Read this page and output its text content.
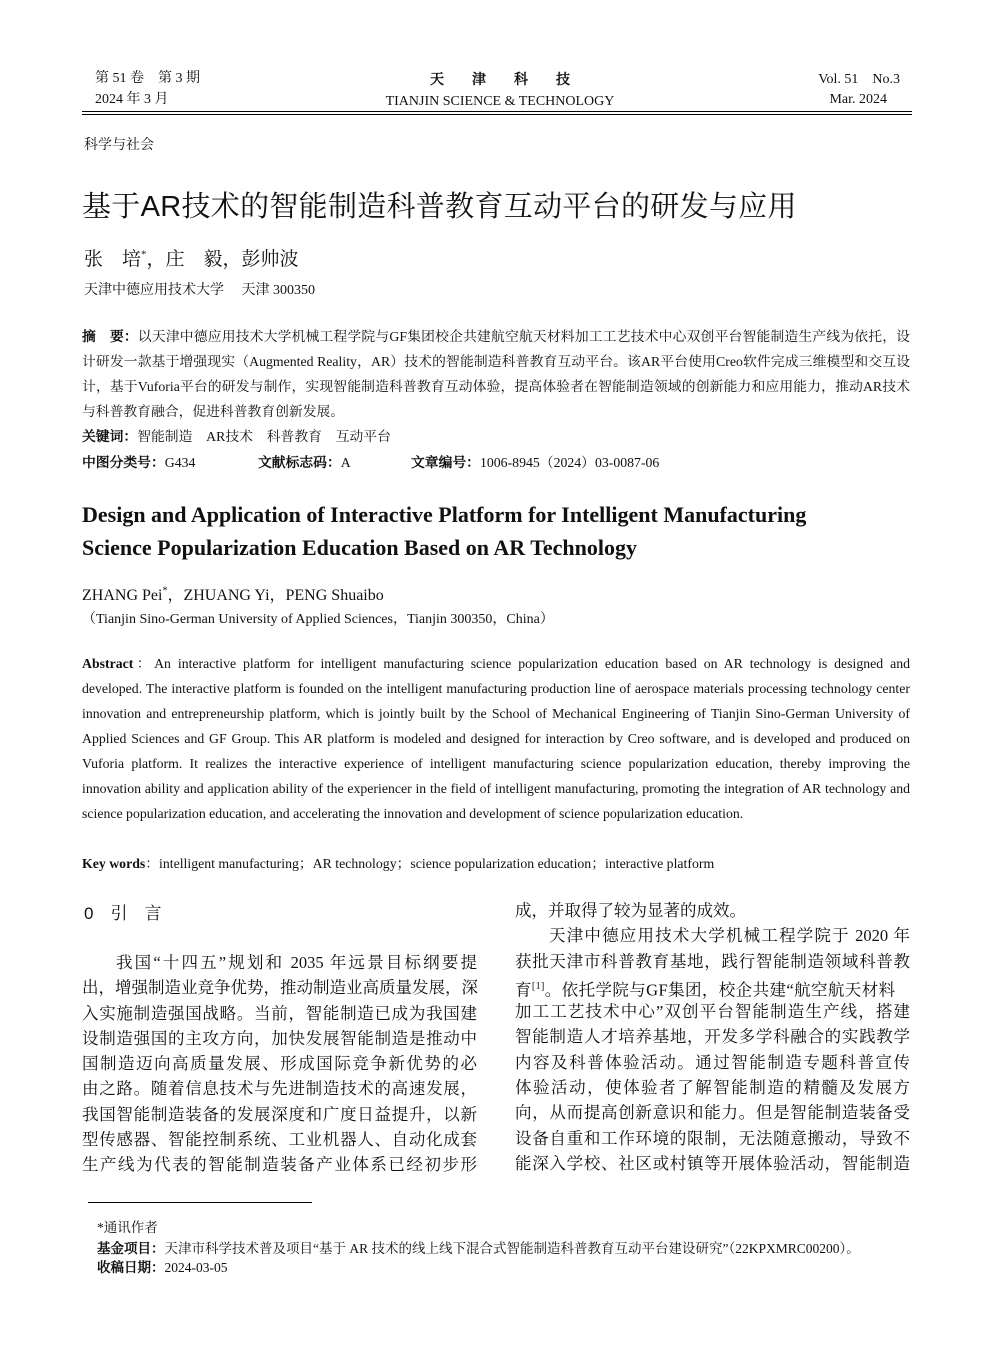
第 51 卷　第 3 期
2024 年 3 月
天　　津　　科　　技
TIANJIN SCIENCE & TECHNOLOGY
Vol. 51　No.3
Mar. 2024
科学与社会
基于AR技术的智能制造科普教育互动平台的研发与应用
张　培*，庄　毅，彭帅波
天津中德应用技术大学　 天津 300350
摘　要：以天津中德应用技术大学机械工程学院与GF集团校企共建航空航天材料加工工艺技术中心双创平台智能制造生产线为依托，设计研发一款基于增强现实（Augmented Reality，AR）技术的智能制造科普教育互动平台。该AR平台使用Creo软件完成三维模型和交互设计，基于Vuforia平台的研发与制作，实现智能制造科普教育互动体验，提高体验者在智能制造领域的创新能力和应用能力，推动AR技术与科普教育融合，促进科普教育创新发展。
关键词：智能制造　AR技术　科普教育　互动平台
中图分类号：G434	文献标志码：A	文章编号：1006-8945（2024）03-0087-06
Design and Application of Interactive Platform for Intelligent Manufacturing
Science Popularization Education Based on AR Technology
ZHANG Pei*，ZHUANG Yi，PENG Shuaibo
（Tianjin Sino-German University of Applied Sciences，Tianjin 300350，China）
Abstract：An interactive platform for intelligent manufacturing science popularization education based on AR technology is designed and developed. The interactive platform is founded on the intelligent manufacturing production line of aerospace materials processing technology center innovation and entrepreneurship platform, which is jointly built by the School of Mechanical Engineering of Tianjin Sino-German University of Applied Sciences and GF Group. This AR platform is modeled and designed for interaction by Creo software, and is developed and produced on Vuforia platform. It realizes the interactive experience of intelligent manufacturing science popularization education, thereby improving the innovation ability and application ability of the experiencer in the field of intelligent manufacturing, promoting the integration of AR technology and science popularization education, and accelerating the innovation and development of science popularization education.
Key words：intelligent manufacturing；AR technology；science popularization education；interactive platform
0　引　言
我国“十四五”规划和 2035 年远景目标纲要提
出，增强制造业竞争优势，推动制造业高质量发展，深
入实施制造强国战略。当前，智能制造已成为我国建
设制造强国的主攻方向，加快发展智能制造是推动中
国制造迈向高质量发展、形成国际竞争新优势的必
由之路。随着信息技术与先进制造技术的高速发展，
我国智能制造装备的发展深度和广度日益提升，以新
型传感器、智能控制系统、工业机器人、自动化成套
生产线为代表的智能制造装备产业体系已经初步形
成，并取得了较为显著的成效。
天津中德应用技术大学机械工程学院于 2020 年
获批天津市科普教育基地，践行智能制造领域科普教
育[1]。依托学院与GF集团，校企共建“航空航天材料
加工工艺技术中心”双创平台智能制造生产线，搭建
智能制造人才培养基地，开发多学科融合的实践教学
内容及科普体验活动。通过智能制造专题科普宣传
体验活动，使体验者了解智能制造的精髓及发展方
向，从而提高创新意识和能力。但是智能制造装备受
设备自重和工作环境的限制，无法随意搬动，导致不
能深入学校、社区或村镇等开展体验活动，智能制造
*通讯作者
基金项目：天津市科学技术普及项目“基于 AR 技术的线上线下混合式智能制造科普教育互动平台建设研究”（22KPXMRC00200）。
收稿日期：2024-03-05
